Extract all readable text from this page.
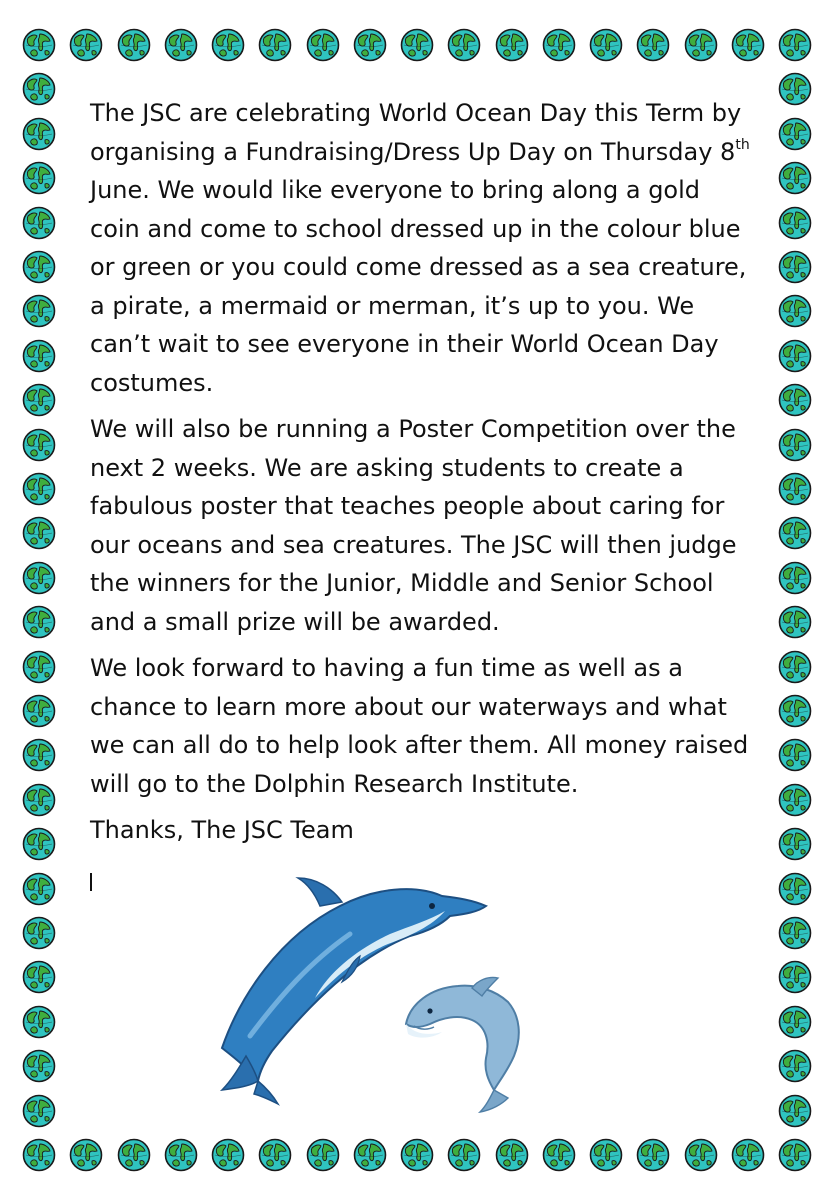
The JSC are celebrating World Ocean Day this Term by organising a Fundraising/Dress Up Day on Thursday 8th June. We would like everyone to bring along a gold coin and come to school dressed up in the colour blue or green or you could come dressed as a sea creature, a pirate, a mermaid or merman, it’s up to you. We can’t wait to see everyone in their World Ocean Day costumes.

We will also be running a Poster Competition over the next 2 weeks. We are asking students to create a fabulous poster that teaches people about caring for our oceans and sea creatures. The JSC will then judge the winners for the Junior, Middle and Senior School and a small prize will be awarded.

We look forward to having a fun time as well as a chance to learn more about our waterways and what we can all do to help look after them. All money raised will go to the Dolphin Research Institute.

Thanks, The JSC Team
